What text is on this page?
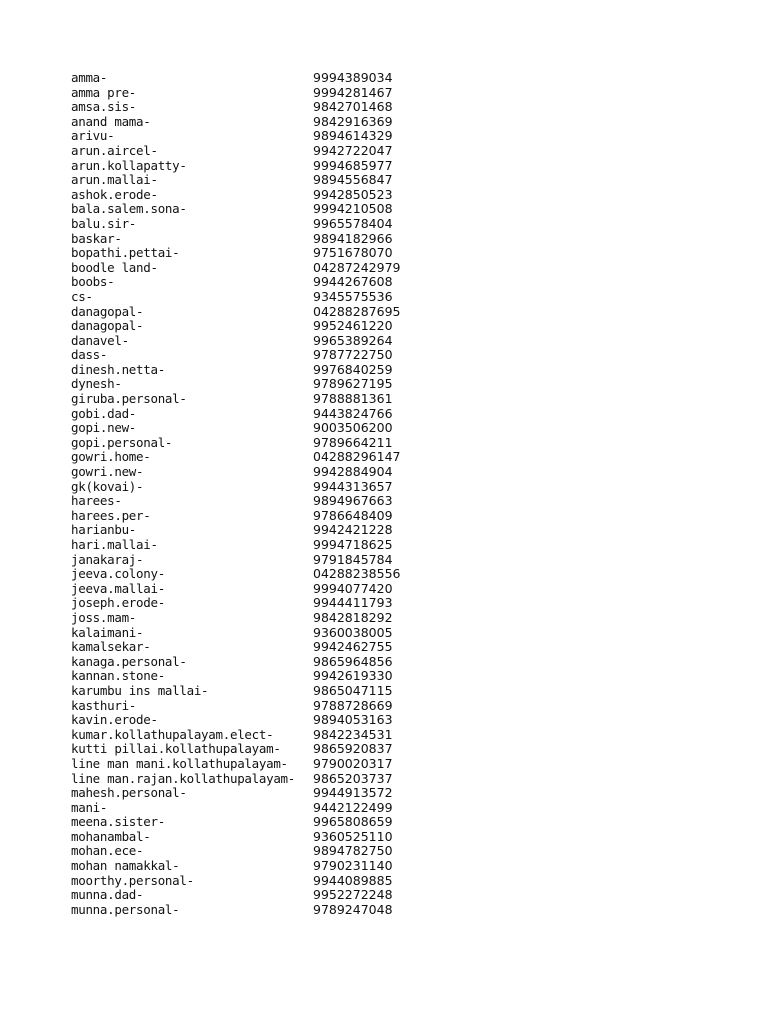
amma-	9994389034
amma pre-	9994281467
amsa.sis-	9842701468
anand mama-	9842916369
arivu-	9894614329
arun.aircel-	9942722047
arun.kollapatty-	9994685977
arun.mallai-	9894556847
ashok.erode-	9942850523
bala.salem.sona-	9994210508
balu.sir-	9965578404
baskar-	9894182966
bopathi.pettai-	9751678070
boodle land-	04287242979
boobs-	9944267608
cs-	9345575536
danagopal-	04288287695
danagopal-	9952461220
danavel-	9965389264
dass-	9787722750
dinesh.netta-	9976840259
dynesh-	9789627195
giruba.personal-	9788881361
gobi.dad-	9443824766
gopi.new-	9003506200
gopi.personal-	9789664211
gowri.home-	04288296147
gowri.new-	9942884904
gk(kovai)-	9944313657
harees-	9894967663
harees.per-	9786648409
harianbu-	9942421228
hari.mallai-	9994718625
janakaraj-	9791845784
jeeva.colony-	04288238556
jeeva.mallai-	9994077420
joseph.erode-	9944411793
joss.mam-	9842818292
kalaimani-	9360038005
kamalsekar-	9942462755
kanaga.personal-	9865964856
kannan.stone-	9942619330
karumbu ins mallai-	9865047115
kasthuri-	9788728669
kavin.erode-	9894053163
kumar.kollathupalayam.elect-	9842234531
kutti pillai.kollathupalayam-	9865920837
line man mani.kollathupalayam- 9790020317
line man.rajan.kollathupalayam- 9865203737
mahesh.personal-	9944913572
mani-	9442122499
meena.sister-	9965808659
mohanambal-	9360525110
mohan.ece-	9894782750
mohan namakkal-	9790231140
moorthy.personal-	9944089885
munna.dad-	9952272248
munna.personal-	9789247048
